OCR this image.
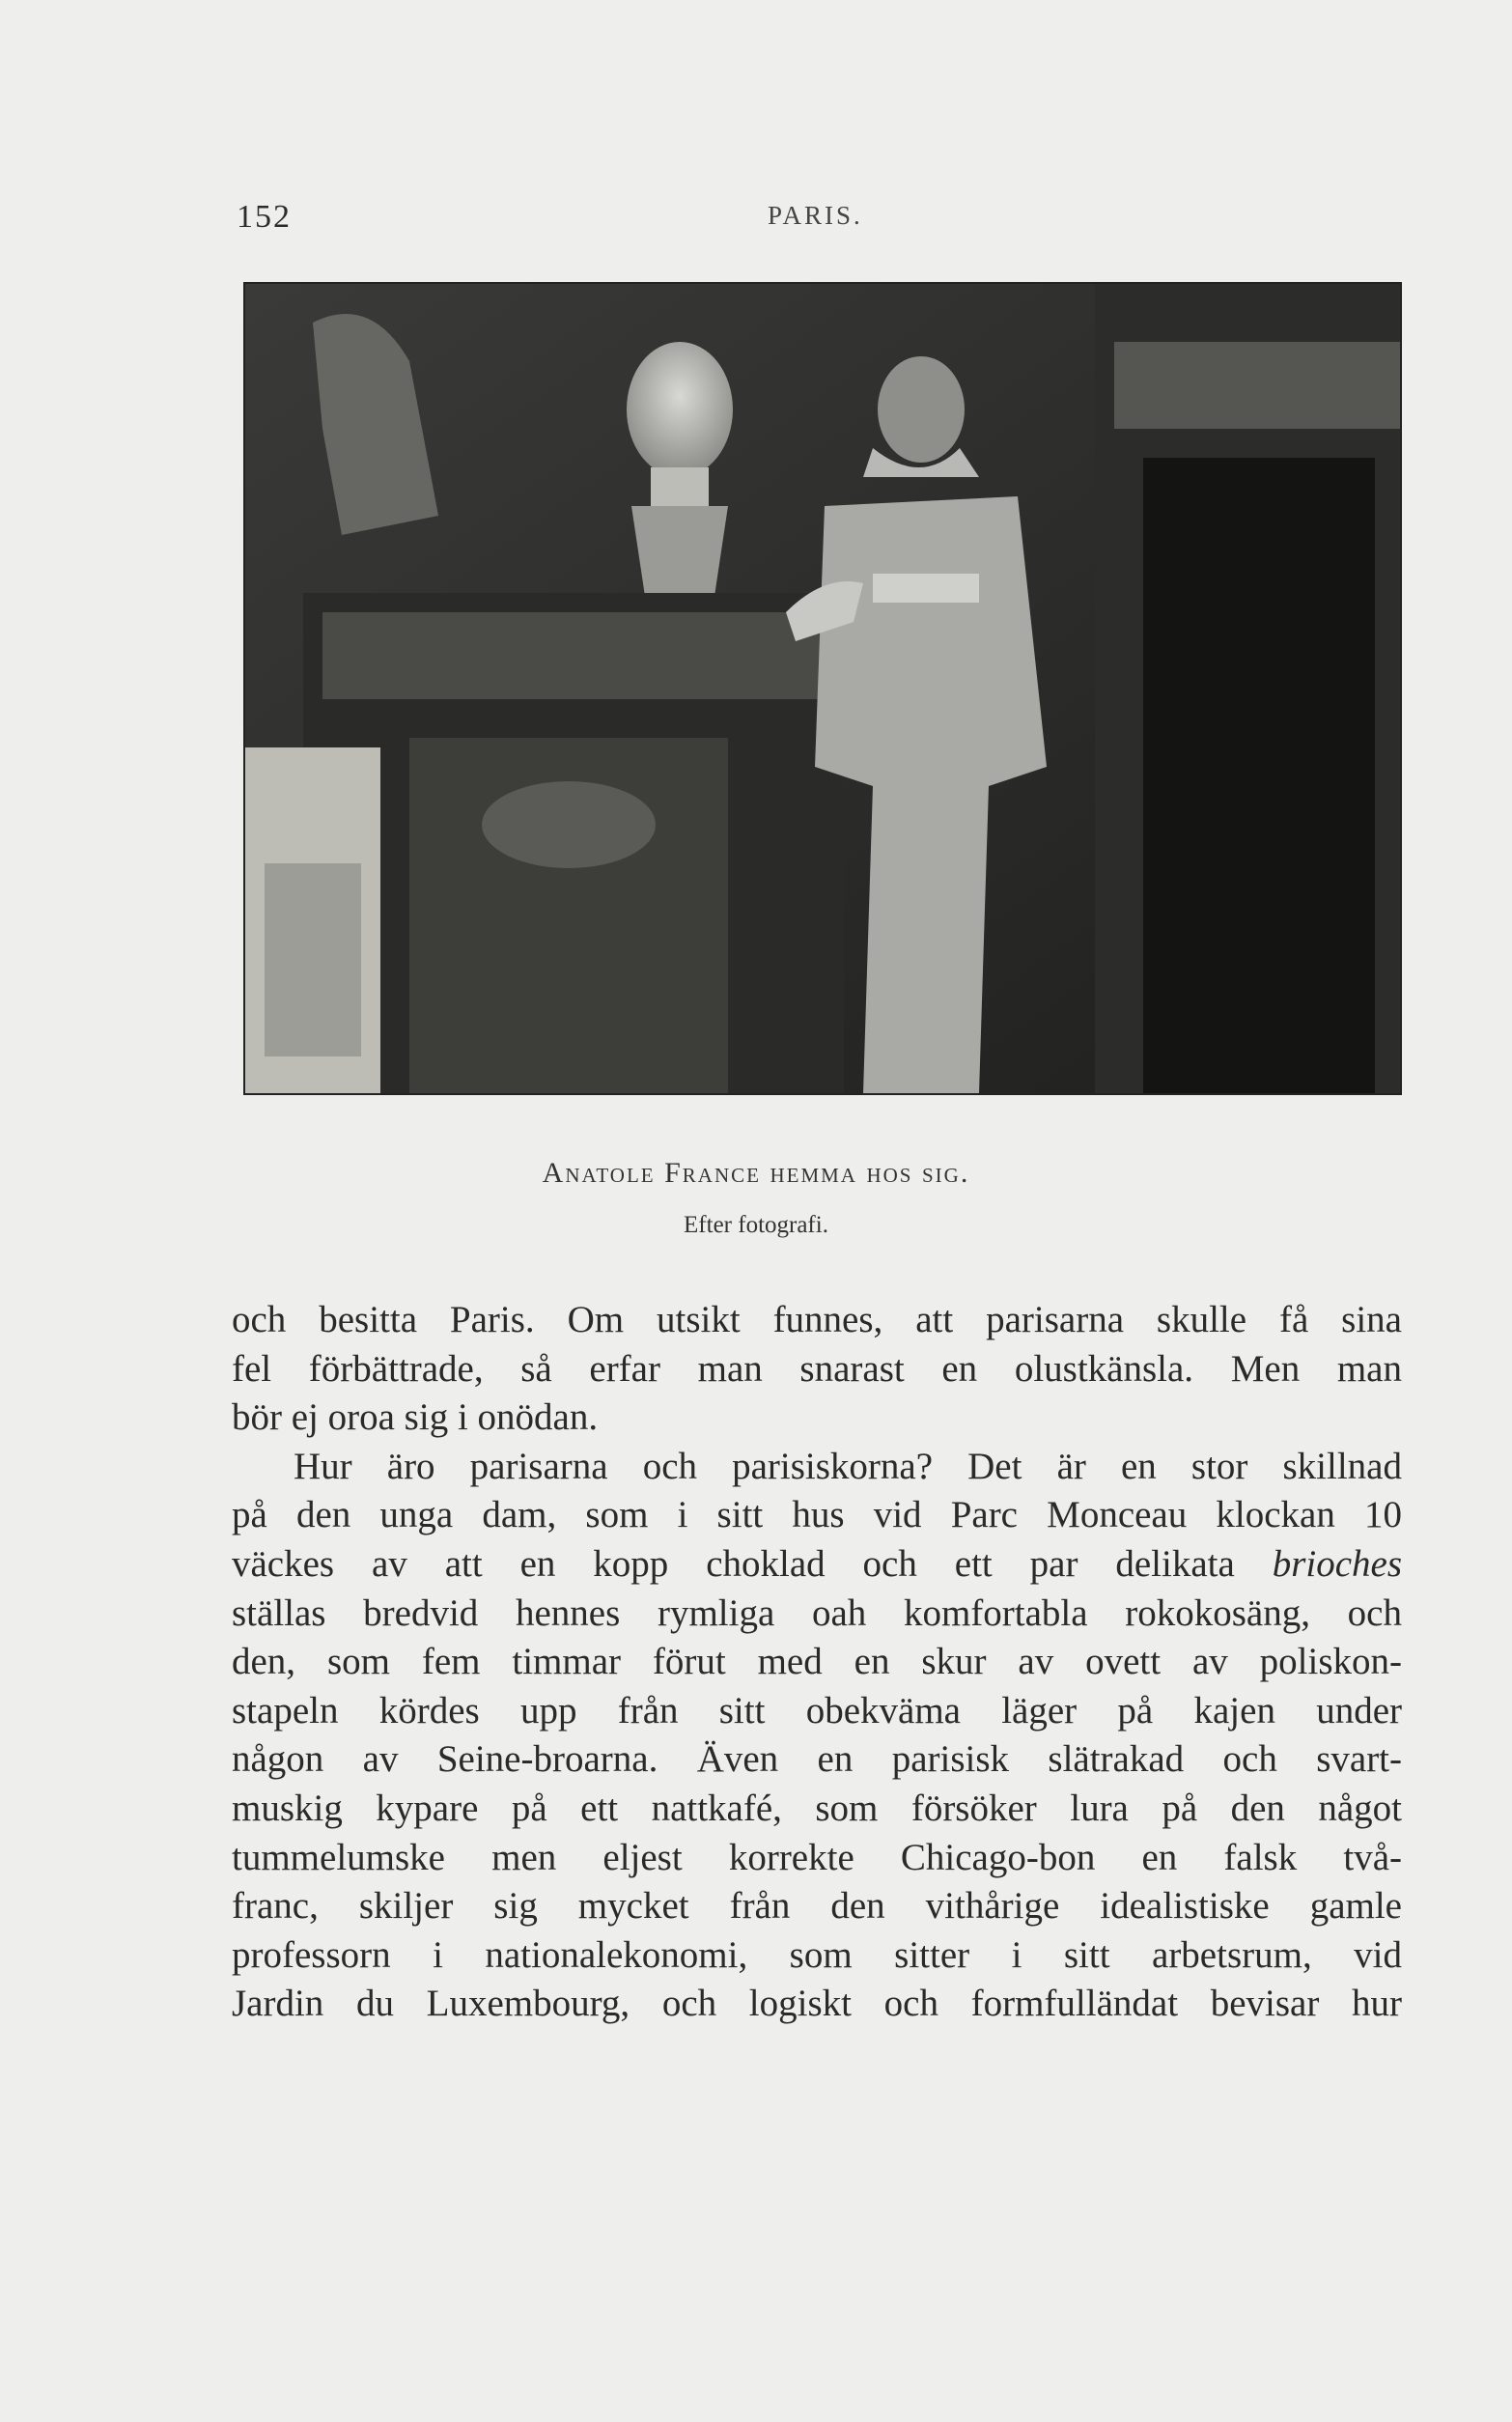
152	PARIS.
Anatole France hemma hos sig.
Efter fotografi.
och besitta Paris. Om utsikt funnes, att parisarna skulle få sina
fel förbättrade, så erfar man snarast en olustkänsla. Men man
bör ej oroa sig i onödan.
Hur äro parisarna och parisiskorna? Det är en stor skillnad
på den unga dam, som i sitt hus vid Parc Monceau klockan 10
väckes av att en kopp choklad och ett par delikata brioches
ställas bredvid hennes rymliga oah komfortabla rokokosäng, och
den, som fem timmar förut med en skur av ovett av poliskon-
stapeln kördes upp från sitt obekväma läger på kajen under
någon av Seine-broarna. Även en parisisk slätrakad och svart-
muskig kypare på ett nattkafé, som försöker lura på den något
tummelumske men eljest korrekte Chicago-bon en falsk två-
franc, skiljer sig mycket från den vithårige idealistiske gamle
professorn i nationalekonomi, som sitter i sitt arbetsrum, vid
Jardin du Luxembourg, och logiskt och formfulländat bevisar hur
